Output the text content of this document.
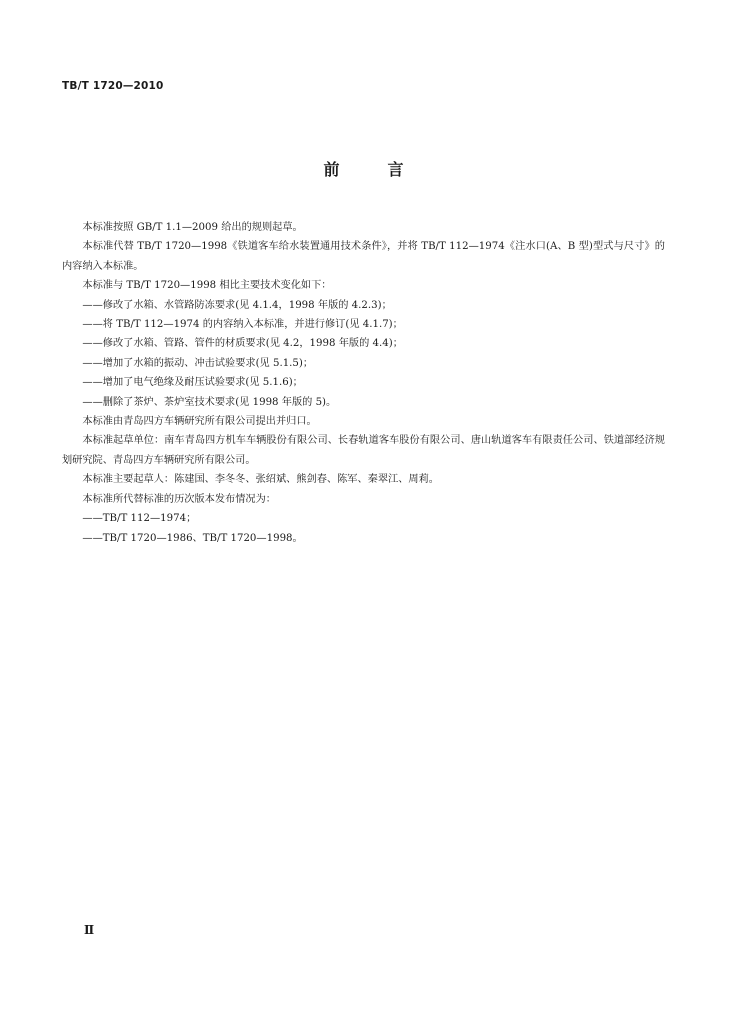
TB/T 1720—2010
前	言

本标准按照 GB/T 1.1—2009 给出的规则起草。

本标准代替 TB/T 1720—1998《铁道客车给水装置通用技术条件》，并将 TB/T 112—1974《注水口(A、B 型)型式与尺寸》的内容纳入本标准。

本标准与 TB/T 1720—1998 相比主要技术变化如下：

——修改了水箱、水管路防冻要求(见 4.1.4，1998 年版的 4.2.3)；

——将 TB/T 112—1974 的内容纳入本标准，并进行修订(见 4.1.7)；

——修改了水箱、管路、管件的材质要求(见 4.2，1998 年版的 4.4)；

——增加了水箱的振动、冲击试验要求(见 5.1.5)；

——增加了电气绝缘及耐压试验要求(见 5.1.6)；

——删除了茶炉、茶炉室技术要求(见 1998 年版的 5)。

本标准由青岛四方车辆研究所有限公司提出并归口。

本标准起草单位：南车青岛四方机车车辆股份有限公司、长春轨道客车股份有限公司、唐山轨道客车有限责任公司、铁道部经济规划研究院、青岛四方车辆研究所有限公司。

本标准主要起草人：陈建国、李冬冬、张绍斌、熊剑春、陈军、秦翠江、周莉。

本标准所代替标准的历次版本发布情况为：

——TB/T 112—1974；

——TB/T 1720—1986、TB/T 1720—1998。

Ⅱ
